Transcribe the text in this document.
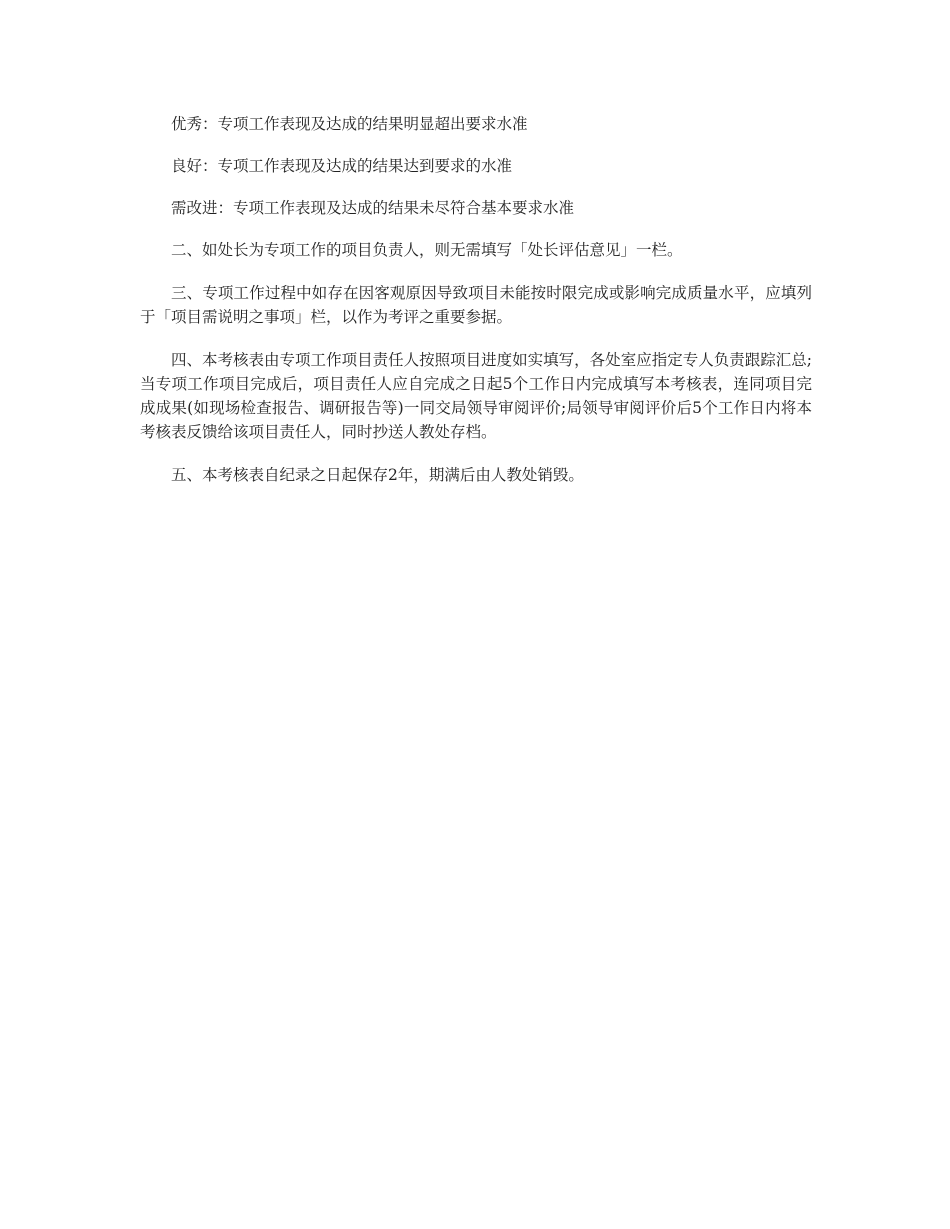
优秀：专项工作表现及达成的结果明显超出要求水准

良好：专项工作表现及达成的结果达到要求的水准

需改进：专项工作表现及达成的结果未尽符合基本要求水准

二、如处长为专项工作的项目负责人，则无需填写「处长评估意见」一栏。

三、专项工作过程中如存在因客观原因导致项目未能按时限完成或影响完成质量水平，应填列于「项目需说明之事项」栏，以作为考评之重要参据。

四、本考核表由专项工作项目责任人按照项目进度如实填写，各处室应指定专人负责跟踪汇总;当专项工作项目完成后，项目责任人应自完成之日起5个工作日内完成填写本考核表，连同项目完成成果(如现场检查报告、调研报告等)一同交局领导审阅评价;局领导审阅评价后5个工作日内将本考核表反馈给该项目责任人，同时抄送人教处存档。

五、本考核表自纪录之日起保存2年，期满后由人教处销毁。
